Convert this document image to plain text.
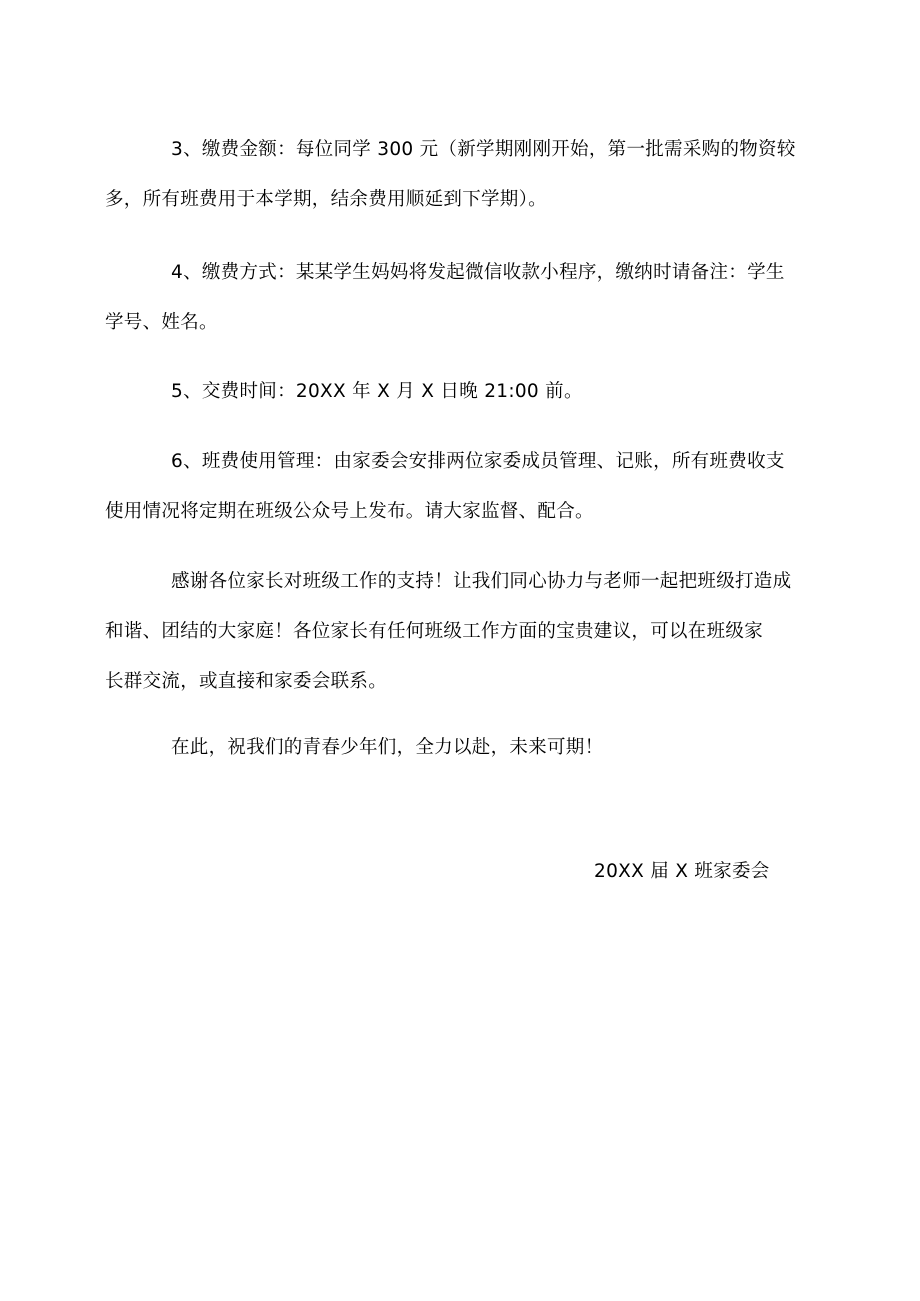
3、缴费金额：每位同学 300 元（新学期刚刚开始，第一批需采购的物资较
多，所有班费用于本学期，结余费用顺延到下学期）。

4、缴费方式：某某学生妈妈将发起微信收款小程序，缴纳时请备注：学生
学号、姓名。

5、交费时间：20XX 年 X 月 X 日晚 21:00 前。

6、班费使用管理：由家委会安排两位家委成员管理、记账，所有班费收支
使用情况将定期在班级公众号上发布。请大家监督、配合。

感谢各位家长对班级工作的支持！让我们同心协力与老师一起把班级打造成
和谐、团结的大家庭！各位家长有任何班级工作方面的宝贵建议，可以在班级家
长群交流，或直接和家委会联系。

在此，祝我们的青春少年们，全力以赴，未来可期！

20XX 届 X 班家委会
